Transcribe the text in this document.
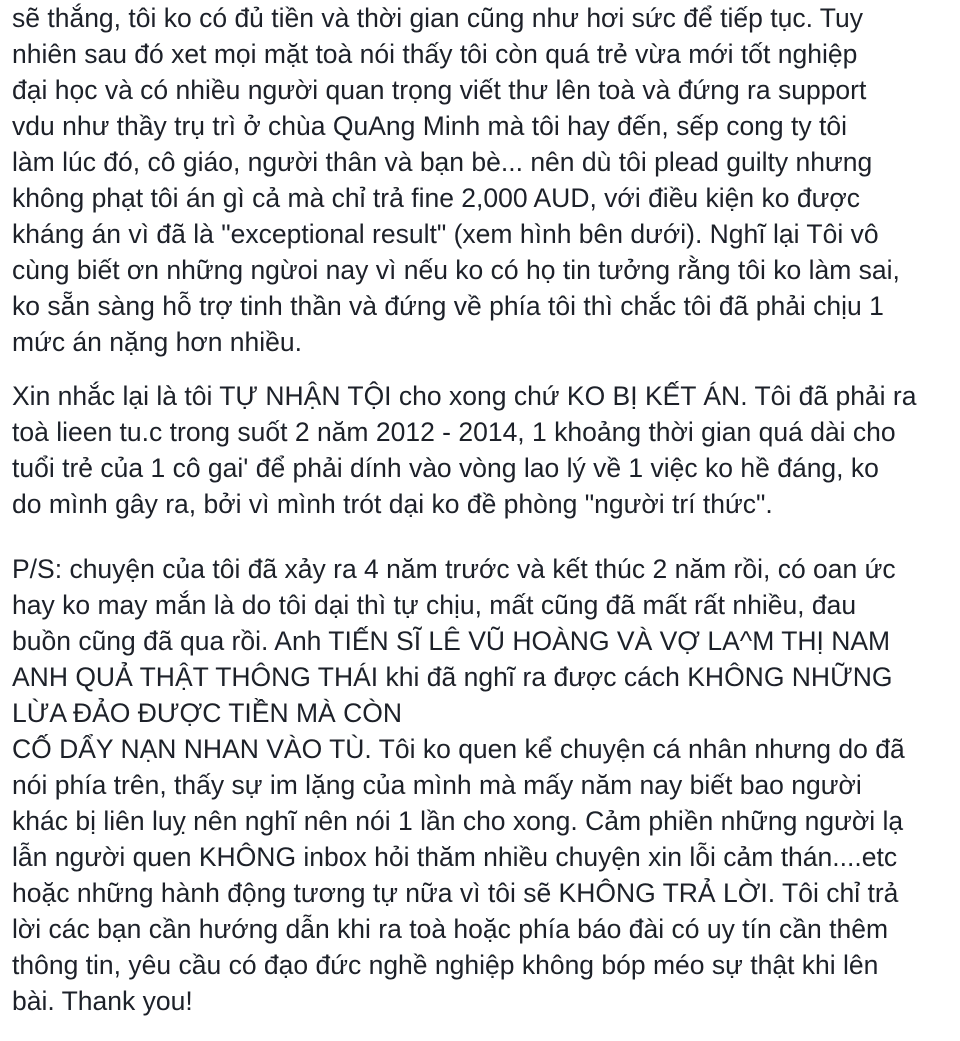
sẽ thắng, tôi ko có đủ tiền và thời gian cũng như hơi sức để tiếp tục. Tuy
nhiên sau đó xet mọi mặt toà nói thấy tôi còn quá trẻ vừa mới tốt nghiệp
đại học và có nhiều người quan trọng viết thư lên toà và đứng ra support
vdu như thầy trụ trì ở chùa QuAng Minh mà tôi hay đến, sếp cong ty tôi
làm lúc đó, cô giáo, người thân và bạn bè... nên dù tôi plead guilty nhưng
không phạt tôi án gì cả mà chỉ trả fine 2,000 AUD, với điều kiện ko được
kháng án vì đã là "exceptional result" (xem hình bên dưới). Nghĩ lại Tôi vô
cùng biết ơn những ngừoi nay vì nếu ko có họ tin tưởng rằng tôi ko làm sai,
ko sẵn sàng hỗ trợ tinh thần và đứng về phía tôi thì chắc tôi đã phải chịu 1
mức án nặng hơn nhiều.

Xin nhắc lại là tôi TỰ NHẬN TỘI cho xong chứ KO BỊ KẾT ÁN. Tôi đã phải ra
toà lieen tu.c trong suốt 2 năm 2012 - 2014, 1 khoảng thời gian quá dài cho
tuổi trẻ của 1 cô gai' để phải dính vào vòng lao lý về 1 việc ko hề đáng, ko
do mình gây ra, bởi vì mình trót dại ko đề phòng "người trí thức".

P/S: chuyện của tôi đã xảy ra 4 năm trước và kết thúc 2 năm rồi, có oan ức
hay ko may mắn là do tôi dại thì tự chịu, mất cũng đã mất rất nhiều, đau
buồn cũng đã qua rồi. Anh TIẾN SĨ LÊ VŨ HOÀNG VÀ VỢ LA^M THỊ NAM
ANH QUẢ THẬT THÔNG THÁI khi đã nghĩ ra được cách KHÔNG NHỮNG
LỪA ĐẢO ĐƯỢC TIỀN MÀ CÒN
CỐ DẨY NẠN NHAN VÀO TÙ. Tôi ko quen kể chuyện cá nhân nhưng do đã
nói phía trên, thấy sự im lặng của mình mà mấy năm nay biết bao người
khác bị liên luỵ nên nghĩ nên nói 1 lần cho xong. Cảm phiền những người lạ
lẫn người quen KHÔNG inbox hỏi thăm nhiều chuyện xin lỗi cảm thán....etc
hoặc những hành động tương tự nữa vì tôi sẽ KHÔNG TRẢ LỜI. Tôi chỉ trả
lời các bạn cần hướng dẫn khi ra toà hoặc phía báo đài có uy tín cần thêm
thông tin, yêu cầu có đạo đức nghề nghiệp không bóp méo sự thật khi lên
bài. Thank you!
